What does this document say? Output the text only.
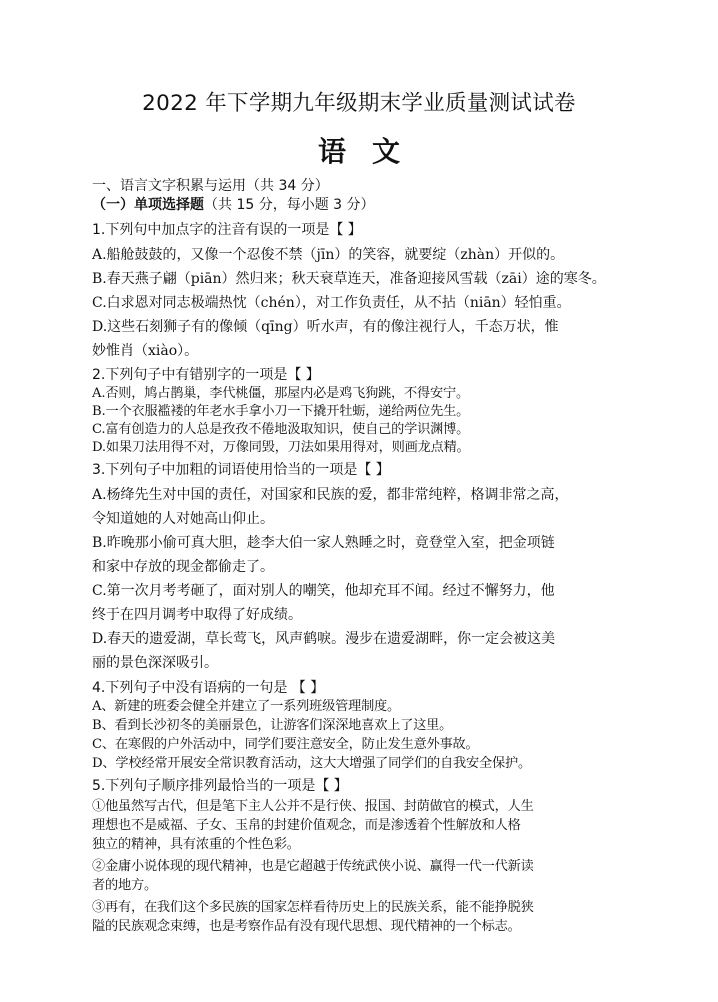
2022 年下学期九年级期末学业质量测试试卷
语文
一、语言文字积累与运用（共 34 分）
（一）单项选择题（共 15 分，每小题 3 分）
1.下列句中加点字的注音有误的一项是【 】
A.船舱鼓鼓的，又像一个忍俊不禁（jīn）的笑容，就要绽（zhàn）开似的。
B.春天燕子翩（piān）然归来；秋天衰草连天，准备迎接风雪载（zāi）途的寒冬。
C.白求恩对同志极端热忱（chén），对工作负责任，从不拈（niān）轻怕重。
D.这些石刻狮子有的像倾（qīng）听水声，有的像注视行人，千态万状，惟
妙惟肖（xiào）。
2.下列句子中有错别字的一项是【 】
A.否则，鸠占鹊巢，李代桃僵，那屋内必是鸡飞狗跳，不得安宁。
B.一个衣服褴褛的年老水手拿小刀一下撬开牡蛎，递给两位先生。
C.富有创造力的人总是孜孜不倦地汲取知识，使自己的学识渊博。
D.如果刀法用得不对，万像同毁，刀法如果用得对，则画龙点精。
3.下列句子中加粗的词语使用恰当的一项是【 】
A.杨绛先生对中国的责任，对国家和民族的爱，都非常纯粹，格调非常之高，
令知道她的人对她高山仰止。
B.昨晚那小偷可真大胆，趁李大伯一家人熟睡之时，竟登堂入室，把金项链
和家中存放的现金都偷走了。
C.第一次月考考砸了，面对别人的嘲笑，他却充耳不闻。经过不懈努力，他
终于在四月调考中取得了好成绩。
D.春天的遗爱湖，草长莺飞，风声鹤唳。漫步在遗爱湖畔，你一定会被这美
丽的景色深深吸引。
4.下列句子中没有语病的一句是 【 】
A、新建的班委会健全并建立了一系列班级管理制度。
B、看到长沙初冬的美丽景色，让游客们深深地喜欢上了这里。
C、在寒假的户外活动中，同学们要注意安全，防止发生意外事故。
D、学校经常开展安全常识教育活动，这大大增强了同学们的自我安全保护。
5.下列句子顺序排列最恰当的一项是【 】
①他虽然写古代，但是笔下主人公并不是行侠、报国、封荫做官的模式，人生
理想也不是威福、子女、玉帛的封建价值观念，而是渗透着个性解放和人格
独立的精神，具有浓重的个性色彩。
②金庸小说体现的现代精神，也是它超越于传统武侠小说、赢得一代一代新读
者的地方。
③再有，在我们这个多民族的国家怎样看待历史上的民族关系，能不能挣脱狭
隘的民族观念束缚，也是考察作品有没有现代思想、现代精神的一个标志。
